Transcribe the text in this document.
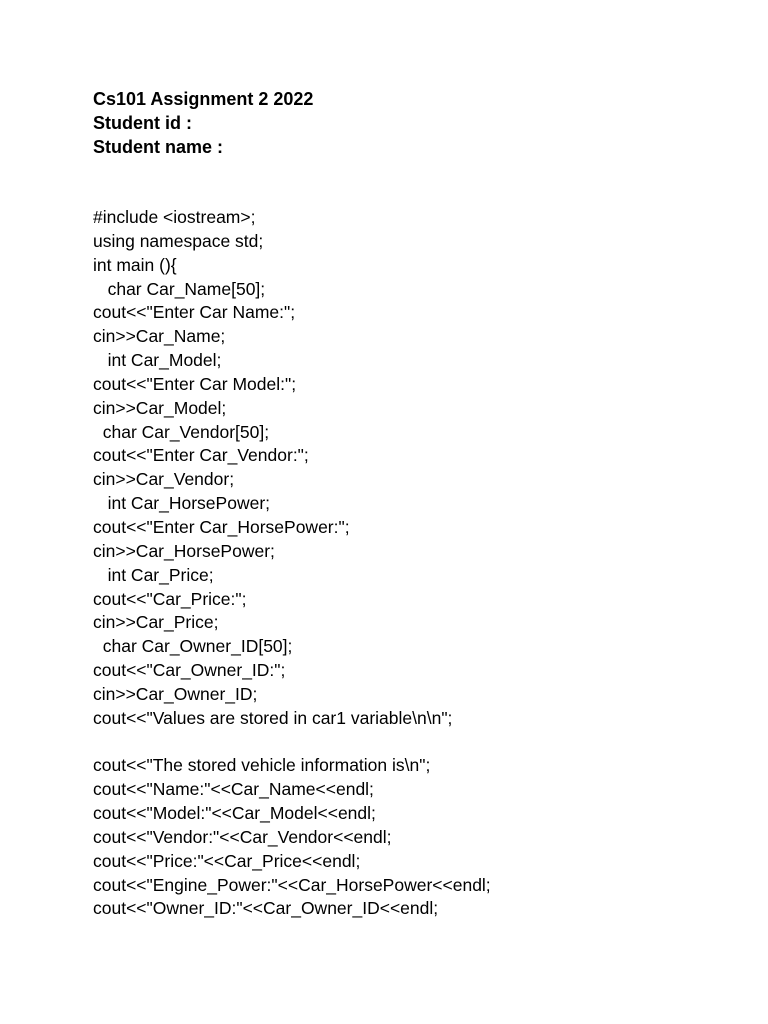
Cs101 Assignment 2 2022
Student id :
Student name :
#include <iostream>;
using namespace std;
int main (){
char Car_Name[50];
cout<<"Enter Car Name:";
cin>>Car_Name;
int Car_Model;
cout<<"Enter Car Model:";
cin>>Car_Model;
char Car_Vendor[50];
cout<<"Enter Car_Vendor:";
cin>>Car_Vendor;
int Car_HorsePower;
cout<<"Enter Car_HorsePower:";
cin>>Car_HorsePower;
int Car_Price;
cout<<"Car_Price:";
cin>>Car_Price;
char Car_Owner_ID[50];
cout<<"Car_Owner_ID:";
cin>>Car_Owner_ID;
cout<<"Values are stored in car1 variable\n\n";
cout<<"The stored vehicle information is\n";
cout<<"Name:"<<Car_Name<<endl;
cout<<"Model:"<<Car_Model<<endl;
cout<<"Vendor:"<<Car_Vendor<<endl;
cout<<"Price:"<<Car_Price<<endl;
cout<<"Engine_Power:"<<Car_HorsePower<<endl;
cout<<"Owner_ID:"<<Car_Owner_ID<<endl;
